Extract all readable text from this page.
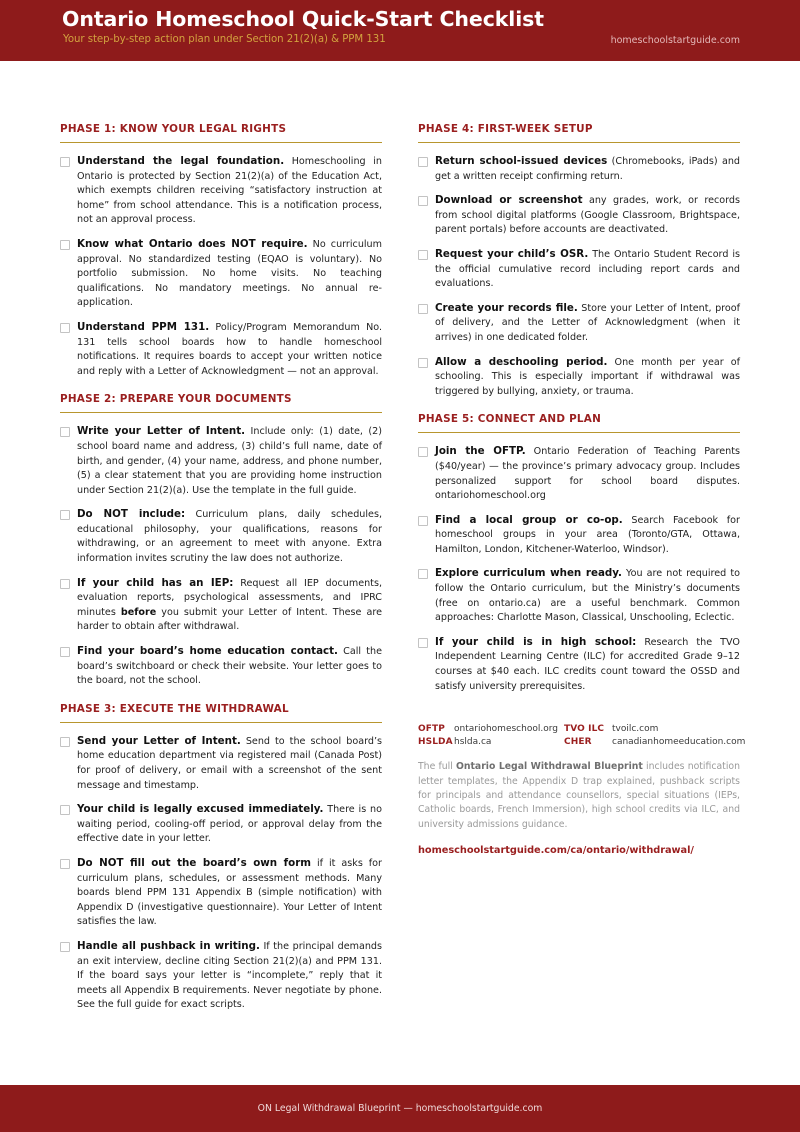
Ontario Homeschool Quick-Start Checklist
Your step-by-step action plan under Section 21(2)(a) & PPM 131	homeschoolstartguide.com
PHASE 1: KNOW YOUR LEGAL RIGHTS
Understand the legal foundation. Homeschooling in Ontario is protected by Section 21(2)(a) of the Education Act, which exempts children receiving “satisfactory instruction at home” from school attendance. This is a notification process, not an approval process.
Know what Ontario does NOT require. No curriculum approval. No standardized testing (EQAO is voluntary). No portfolio submission. No home visits. No teaching qualifications. No mandatory meetings. No annual re-application.
Understand PPM 131. Policy/Program Memorandum No. 131 tells school boards how to handle homeschool notifications. It requires boards to accept your written notice and reply with a Letter of Acknowledgment — not an approval.
PHASE 2: PREPARE YOUR DOCUMENTS
Write your Letter of Intent. Include only: (1) date, (2) school board name and address, (3) child’s full name, date of birth, and gender, (4) your name, address, and phone number, (5) a clear statement that you are providing home instruction under Section 21(2)(a). Use the template in the full guide.
Do NOT include: Curriculum plans, daily schedules, educational philosophy, your qualifications, reasons for withdrawing, or an agreement to meet with anyone. Extra information invites scrutiny the law does not authorize.
If your child has an IEP: Request all IEP documents, evaluation reports, psychological assessments, and IPRC minutes before you submit your Letter of Intent. These are harder to obtain after withdrawal.
Find your board’s home education contact. Call the board’s switchboard or check their website. Your letter goes to the board, not the school.
PHASE 3: EXECUTE THE WITHDRAWAL
Send your Letter of Intent. Send to the school board’s home education department via registered mail (Canada Post) for proof of delivery, or email with a screenshot of the sent message and timestamp.
Your child is legally excused immediately. There is no waiting period, cooling-off period, or approval delay from the effective date in your letter.
Do NOT fill out the board’s own form if it asks for curriculum plans, schedules, or assessment methods. Many boards blend PPM 131 Appendix B (simple notification) with Appendix D (investigative questionnaire). Your Letter of Intent satisfies the law.
Handle all pushback in writing. If the principal demands an exit interview, decline citing Section 21(2)(a) and PPM 131. If the board says your letter is “incomplete,” reply that it meets all Appendix B requirements. Never negotiate by phone. See the full guide for exact scripts.
PHASE 4: FIRST-WEEK SETUP
Return school-issued devices (Chromebooks, iPads) and get a written receipt confirming return.
Download or screenshot any grades, work, or records from school digital platforms (Google Classroom, Brightspace, parent portals) before accounts are deactivated.
Request your child’s OSR. The Ontario Student Record is the official cumulative record including report cards and evaluations.
Create your records file. Store your Letter of Intent, proof of delivery, and the Letter of Acknowledgment (when it arrives) in one dedicated folder.
Allow a deschooling period. One month per year of schooling. This is especially important if withdrawal was triggered by bullying, anxiety, or trauma.
PHASE 5: CONNECT AND PLAN
Join the OFTP. Ontario Federation of Teaching Parents ($40/year) — the province’s primary advocacy group. Includes personalized support for school board disputes. ontariohomeschool.org
Find a local group or co-op. Search Facebook for homeschool groups in your area (Toronto/GTA, Ottawa, Hamilton, London, Kitchener-Waterloo, Windsor).
Explore curriculum when ready. You are not required to follow the Ontario curriculum, but the Ministry’s documents (free on ontario.ca) are a useful benchmark. Common approaches: Charlotte Mason, Classical, Unschooling, Eclectic.
If your child is in high school: Research the TVO Independent Learning Centre (ILC) for accredited Grade 9–12 courses at $40 each. ILC credits count toward the OSSD and satisfy university prerequisites.
OFTP	ontariohomeschool.org TVO ILC tvoilc.com
HSLDA hslda.ca	CHER	canadianhomeeducation.com
The full Ontario Legal Withdrawal Blueprint includes notification letter templates, the Appendix D trap explained, pushback scripts for principals and attendance counsellors, special situations (IEPs, Catholic boards, French Immersion), high school credits via ILC, and university admissions guidance.
homeschoolstartguide.com/ca/ontario/withdrawal/
ON Legal Withdrawal Blueprint — homeschoolstartguide.com
